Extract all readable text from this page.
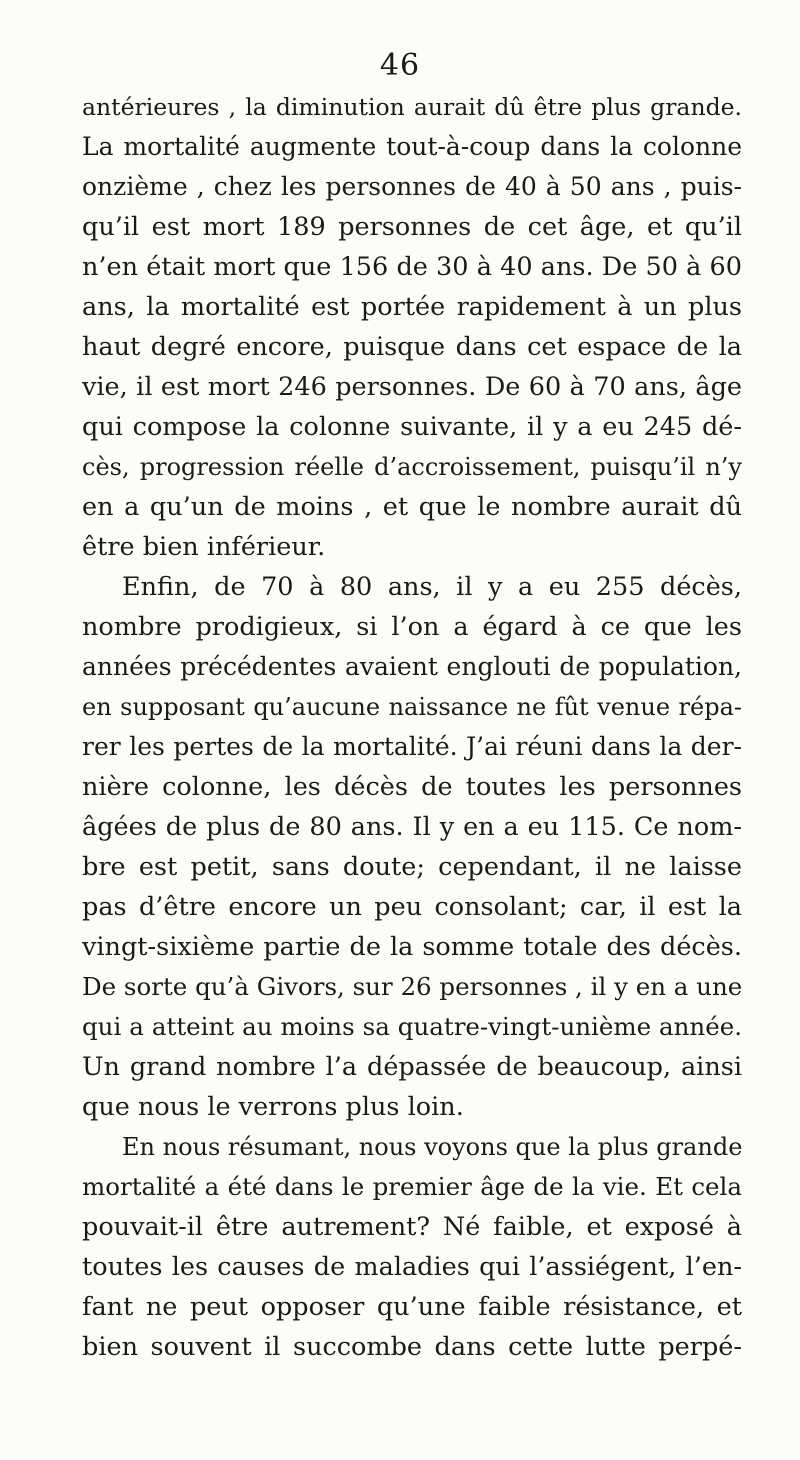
46
antérieures , la diminution aurait dû être plus grande.
La mortalité augmente tout-à-coup dans la colonne
onzième , chez les personnes de 40 à 50 ans , puis-
qu’il est mort 189 personnes de cet âge, et qu’il
n’en était mort que 156 de 30 à 40 ans. De 50 à 60
ans, la mortalité est portée rapidement à un plus
haut degré encore, puisque dans cet espace de la
vie, il est mort 246 personnes. De 60 à 70 ans, âge
qui compose la colonne suivante, il y a eu 245 dé-
cès, progression réelle d’accroissement, puisqu’il n’y
en a qu’un de moins , et que le nombre aurait dû
être bien inférieur.
Enfin, de 70 à 80 ans, il y a eu 255 décès,
nombre prodigieux, si l’on a égard à ce que les
années précédentes avaient englouti de population,
en supposant qu’aucune naissance ne fût venue répa-
rer les pertes de la mortalité. J’ai réuni dans la der-
nière colonne, les décès de toutes les personnes
âgées de plus de 80 ans. Il y en a eu 115. Ce nom-
bre est petit, sans doute; cependant, il ne laisse
pas d’être encore un peu consolant; car, il est la
vingt-sixième partie de la somme totale des décès.
De sorte qu’à Givors, sur 26 personnes , il y en a une
qui a atteint au moins sa quatre-vingt-unième année.
Un grand nombre l’a dépassée de beaucoup, ainsi
que nous le verrons plus loin.
En nous résumant, nous voyons que la plus grande
mortalité a été dans le premier âge de la vie. Et cela
pouvait-il être autrement? Né faible, et exposé à
toutes les causes de maladies qui l’assiégent, l’en-
fant ne peut opposer qu’une faible résistance, et
bien souvent il succombe dans cette lutte perpé-
